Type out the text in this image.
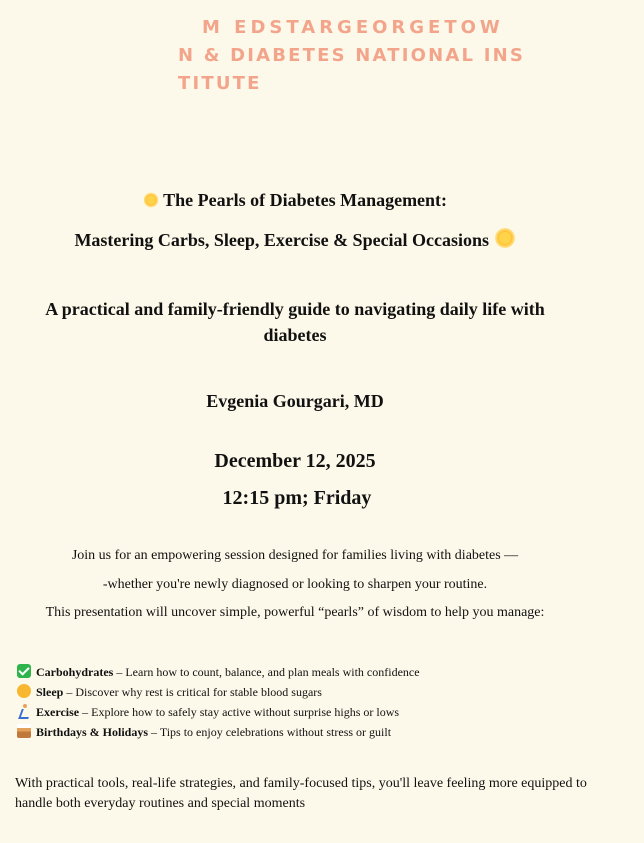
M EDSTARGEORGETOW
N & DIABETES NATIONAL INS
TITUTE
The Pearls of Diabetes Management:
Mastering Carbs, Sleep, Exercise & Special Occasions

A practical and family-friendly guide to navigating daily life with diabetes

Evgenia Gourgari, MD

December 12, 2025

12:15 pm; Friday

Join us for an empowering session designed for families living with diabetes —

-whether you're newly diagnosed or looking to sharpen your routine.

This presentation will uncover simple, powerful “pearls” of wisdom to help you manage:

Carbohydrates – Learn how to count, balance, and plan meals with confidence
Sleep – Discover why rest is critical for stable blood sugars
Exercise – Explore how to safely stay active without surprise highs or lows
Birthdays & Holidays – Tips to enjoy celebrations without stress or guilt

With practical tools, real-life strategies, and family-focused tips, you'll leave feeling more equipped to handle both everyday routines and special moments
